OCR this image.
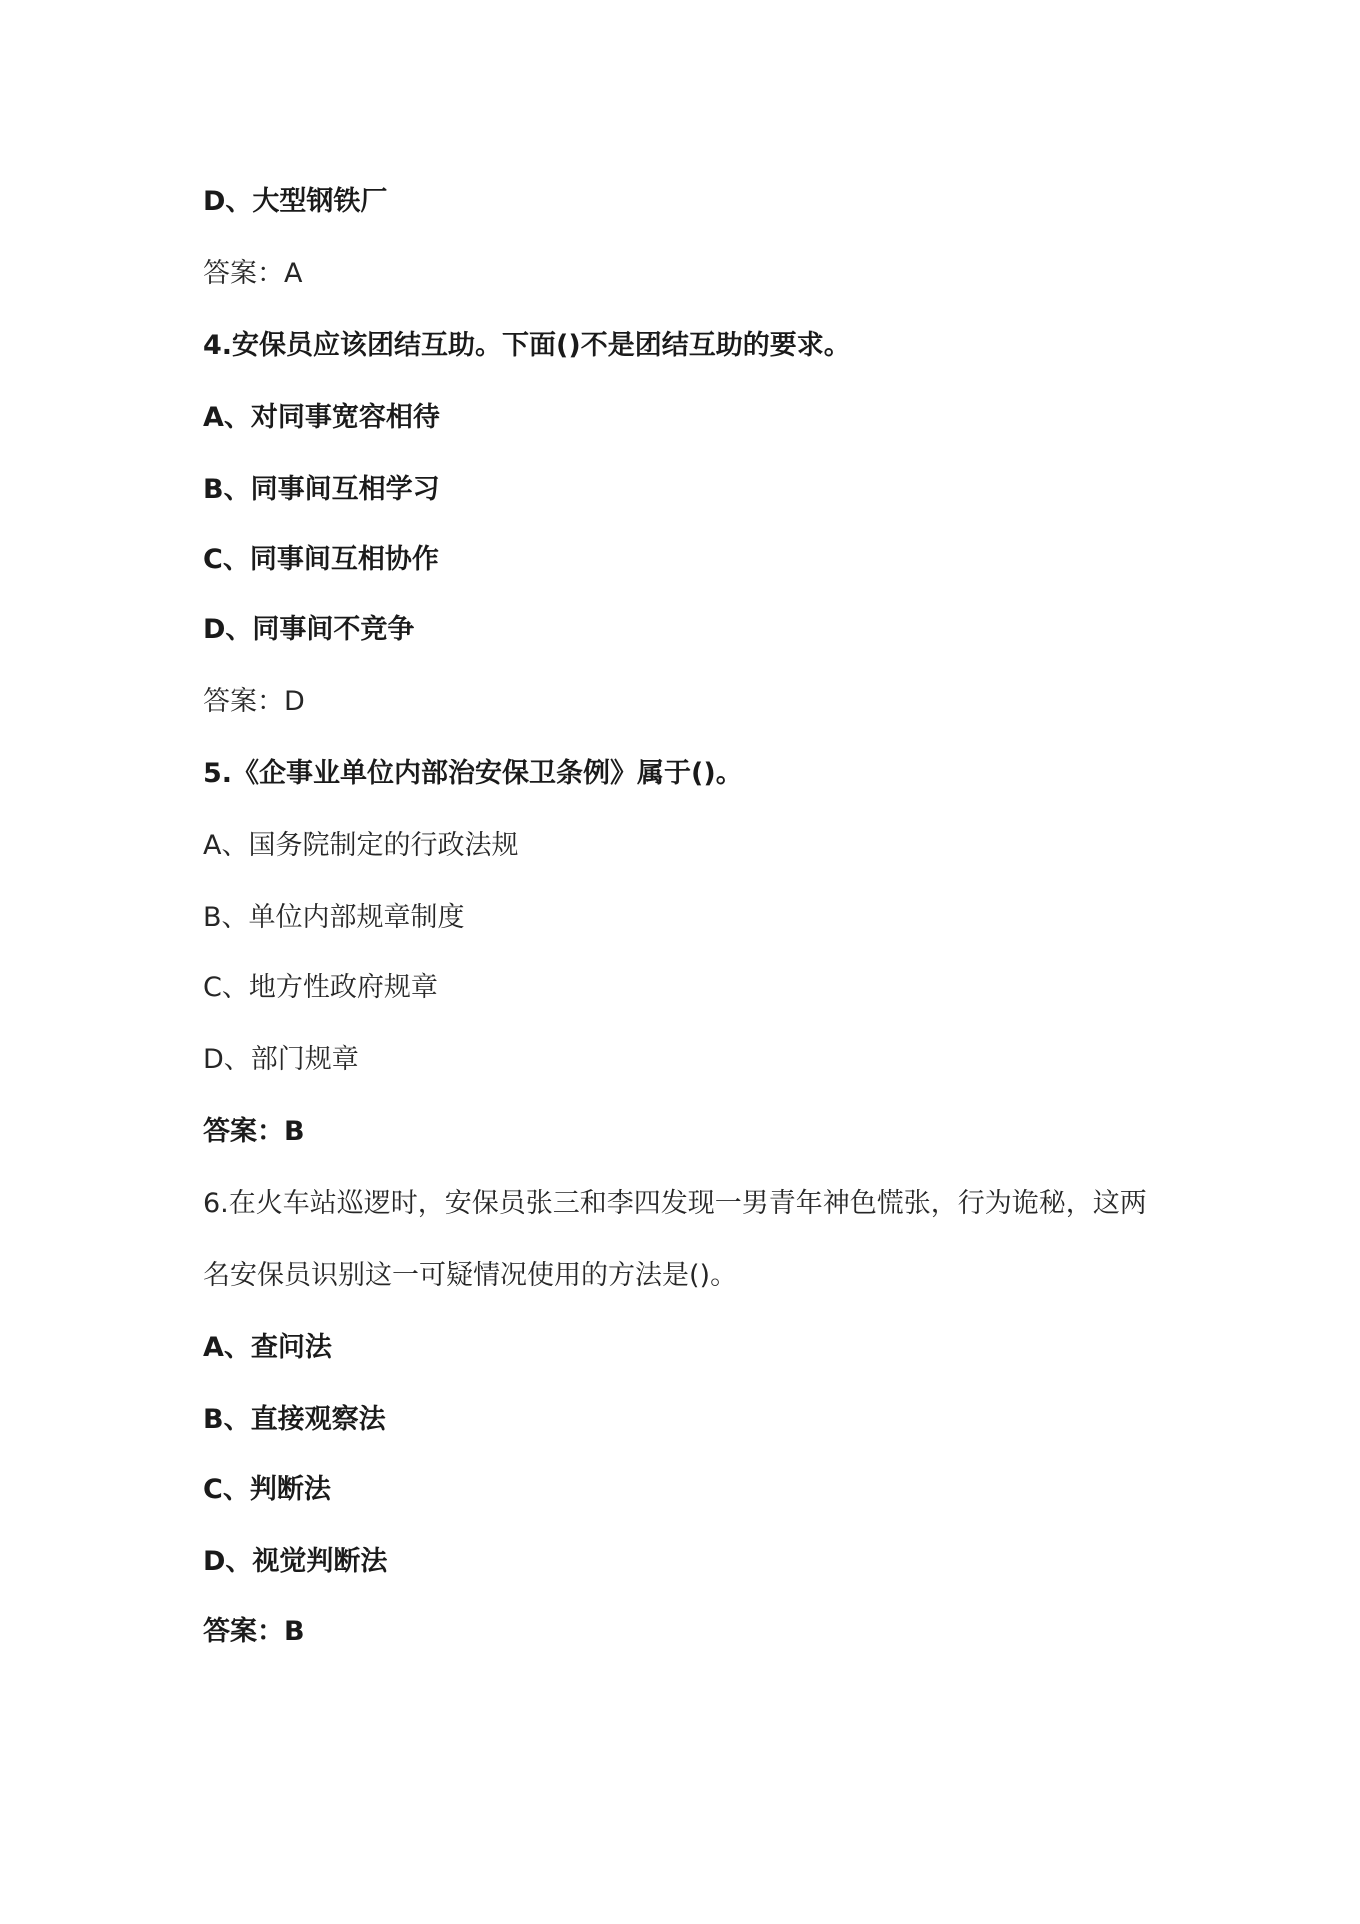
D、大型钢铁厂
答案：A
4.安保员应该团结互助。下面()不是团结互助的要求。
A、对同事宽容相待
B、同事间互相学习
C、同事间互相协作
D、同事间不竞争
答案：D
5.《企事业单位内部治安保卫条例》属于()。
A、国务院制定的行政法规
B、单位内部规章制度
C、地方性政府规章
D、部门规章
答案：B
6.在火车站巡逻时，安保员张三和李四发现一男青年神色慌张，行为诡秘，这两
名安保员识别这一可疑情况使用的方法是()。
A、查问法
B、直接观察法
C、判断法
D、视觉判断法
答案：B
